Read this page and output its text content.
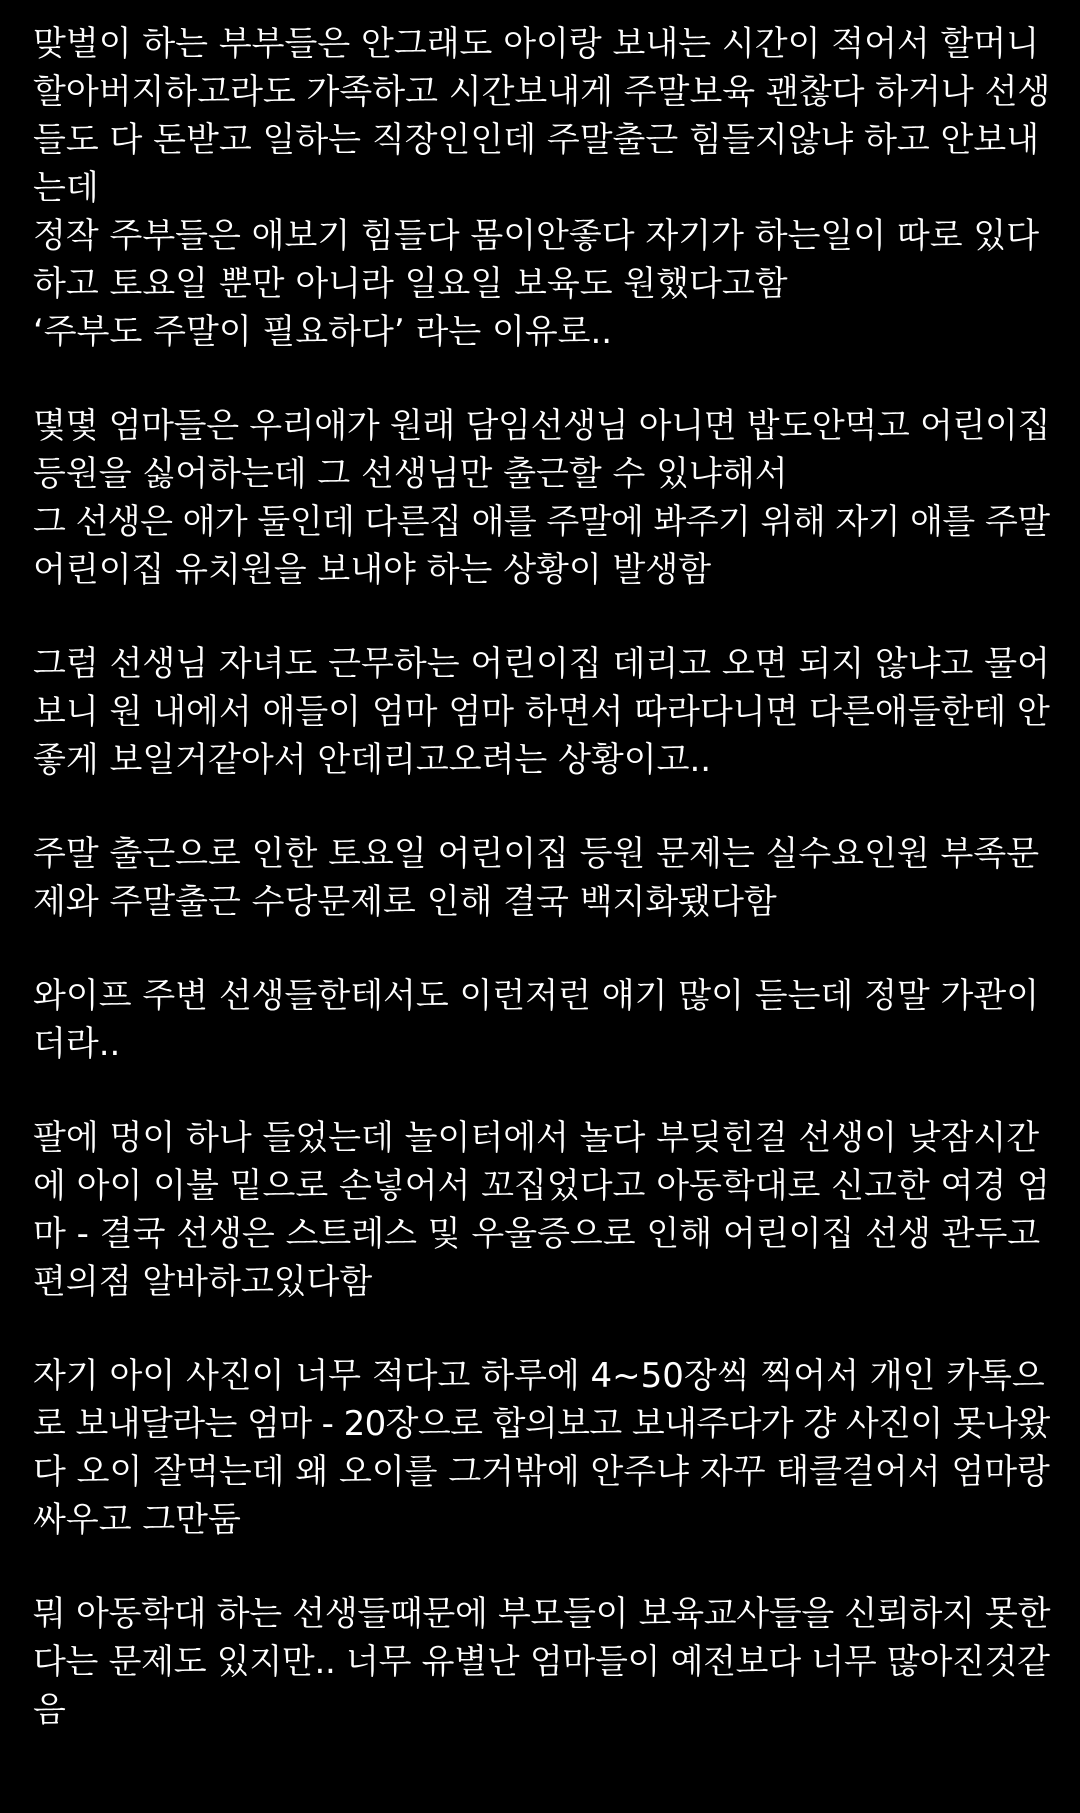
맞벌이 하는 부부들은 안그래도 아이랑 보내는 시간이 적어서 할머니
할아버지하고라도 가족하고 시간보내게 주말보육 괜찮다 하거나 선생
들도 다 돈받고 일하는 직장인인데 주말출근 힘들지않냐 하고 안보내
는데
정작 주부들은 애보기 힘들다 몸이안좋다 자기가 하는일이 따로 있다
하고 토요일 뿐만 아니라 일요일 보육도 원했다고함
‘주부도 주말이 필요하다’ 라는 이유로..
몇몇 엄마들은 우리애가 원래 담임선생님 아니면 밥도안먹고 어린이집
등원을 싫어하는데 그 선생님만 출근할 수 있냐해서
그 선생은 애가 둘인데 다른집 애를 주말에 봐주기 위해 자기 애를 주말
어린이집 유치원을 보내야 하는 상황이 발생함
그럼 선생님 자녀도 근무하는 어린이집 데리고 오면 되지 않냐고 물어
보니 원 내에서 애들이 엄마 엄마 하면서 따라다니면 다른애들한테 안
좋게 보일거같아서 안데리고오려는 상황이고..
주말 출근으로 인한 토요일 어린이집 등원 문제는 실수요인원 부족문
제와 주말출근 수당문제로 인해 결국 백지화됐다함
와이프 주변 선생들한테서도 이런저런 얘기 많이 듣는데 정말 가관이
더라..
팔에 멍이 하나 들었는데 놀이터에서 놀다 부딪힌걸 선생이 낮잠시간
에 아이 이불 밑으로 손넣어서 꼬집었다고 아동학대로 신고한 여경 엄
마 - 결국 선생은 스트레스 및 우울증으로 인해 어린이집 선생 관두고
편의점 알바하고있다함
자기 아이 사진이 너무 적다고 하루에 4~50장씩 찍어서 개인 카톡으
로 보내달라는 엄마 - 20장으로 합의보고 보내주다가 걍 사진이 못나왔
다 오이 잘먹는데 왜 오이를 그거밖에 안주냐 자꾸 태클걸어서 엄마랑
싸우고 그만둠
뭐 아동학대 하는 선생들때문에 부모들이 보육교사들을 신뢰하지 못한
다는 문제도 있지만.. 너무 유별난 엄마들이 예전보다 너무 많아진것같
음
